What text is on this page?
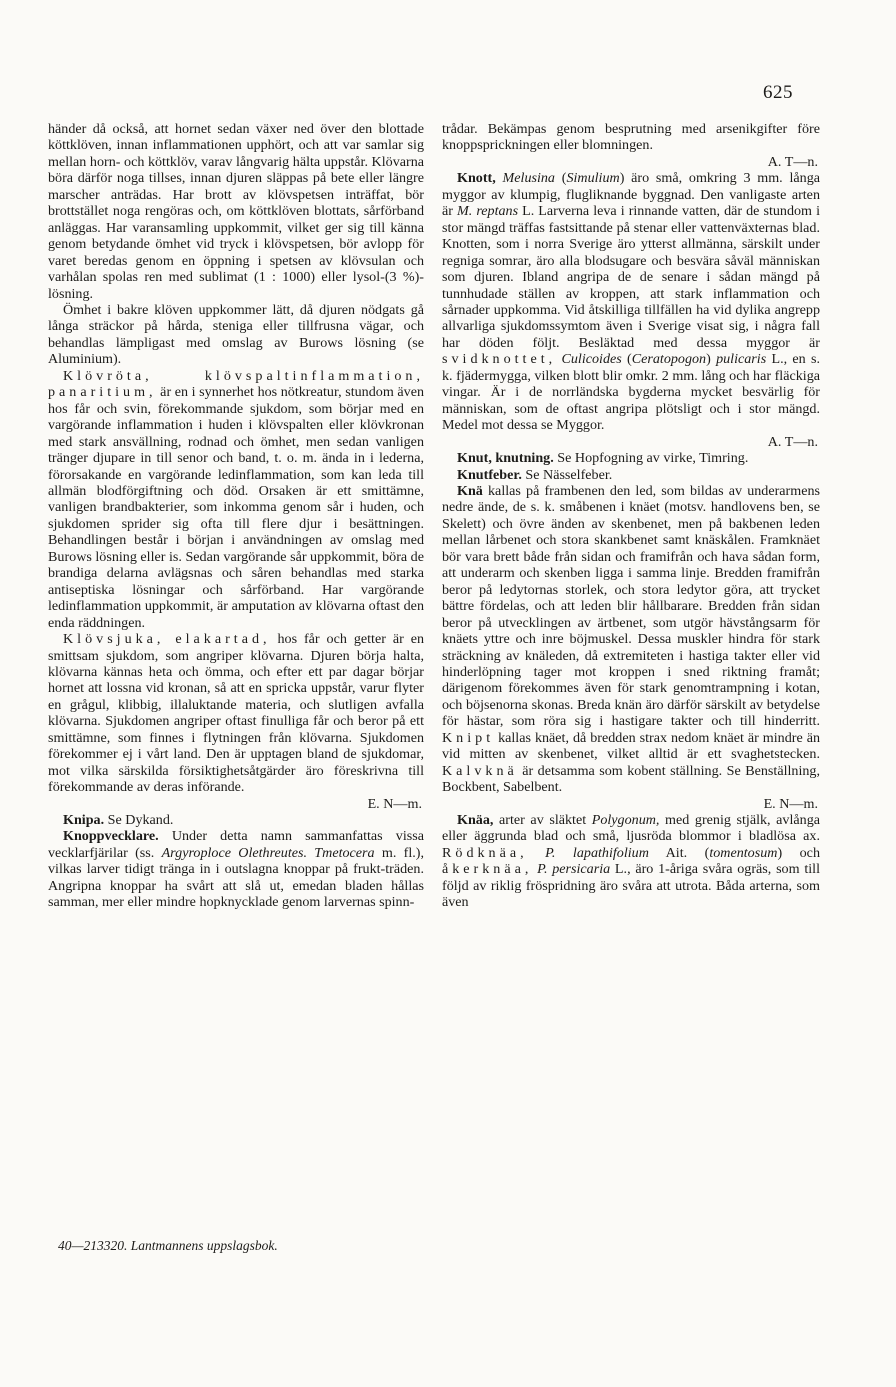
625

händer då också, att hornet sedan växer ned över den blottade köttklöven, innan inflammationen upphört, och att var samlar sig mellan horn- och köttklöv, varav långvarig hälta uppstår. Klövarna böra därför noga tillses, innan djuren släppas på bete eller längre marscher anträdas. Har brott av klövspetsen inträffat, bör brottstället noga rengöras och, om köttklöven blottats, sårförband anläggas. Har varansamling uppkommit, vilket ger sig till känna genom betydande ömhet vid tryck i klövspetsen, bör avlopp för varet beredas genom en öppning i spetsen av klövsulan och varhålan spolas ren med sublimat (1 : 1000) eller lysol-(3 %)-lösning.

Ömhet i bakre klöven uppkommer lätt, då djuren nödgats gå långa sträckor på hårda, steniga eller tillfrusna vägar, och behandlas lämpligast med omslag av Burows lösning (se Aluminium).

Klövröta, klövspaltinflammation, panaritium, är en i synnerhet hos nötkreatur, stundom även hos får och svin, förekommande sjukdom, som börjar med en vargörande inflammation i huden i klövspalten eller klövkronan med stark ansvällning, rodnad och ömhet, men sedan vanligen tränger djupare in till senor och band, t. o. m. ända in i lederna, förorsakande en vargörande ledinflammation, som kan leda till allmän blodförgiftning och död. Orsaken är ett smittämne, vanligen brandbakterier, som inkomma genom sår i huden, och sjukdomen sprider sig ofta till flere djur i besättningen. Behandlingen består i början i användningen av omslag med Burows lösning eller is. Sedan vargörande sår uppkommit, böra de brandiga delarna avlägsnas och såren behandlas med starka antiseptiska lösningar och sårförband. Har vargörande ledinflammation uppkommit, är amputation av klövarna oftast den enda räddningen.

Klövsjuka, elakartad, hos får och getter är en smittsam sjukdom, som angriper klövarna. Djuren börja halta, klövarna kännas heta och ömma, och efter ett par dagar börjar hornet att lossna vid kronan, så att en spricka uppstår, varur flyter en grågul, klibbig, illaluktande materia, och slutligen avfalla klövarna. Sjukdomen angriper oftast finulliga får och beror på ett smittämne, som finnes i flytningen från klövarna. Sjukdomen förekommer ej i vårt land. Den är upptagen bland de sjukdomar, mot vilka särskilda försiktighetsåtgärder äro föreskrivna till förekommande av deras införande.
E. N—m.

Knipa. Se Dykand.

Knoppvecklare. Under detta namn sammanfattas vissa vecklarfjärilar (ss. Argyroploce Olethreutes. Tmetocera m. fl.), vilkas larver tidigt tränga in i outslagna knoppar på frukt-träden. Angripna knoppar ha svårt att slå ut, emedan bladen hållas samman, mer eller mindre hopknycklade genom larvernas spinn-

trådar. Bekämpas genom besprutning med arsenikgifter före knoppsprickningen eller blomningen.
A. T—n.

Knott, Melusina (Simulium) äro små, omkring 3 mm. långa myggor av klumpig, flugliknande byggnad. Den vanligaste arten är M. reptans L. Larverna leva i rinnande vatten, där de stundom i stor mängd träffas fastsittande på stenar eller vattenväxternas blad. Knotten, som i norra Sverige äro ytterst allmänna, särskilt under regniga somrar, äro alla blodsugare och besvära såväl människan som djuren. Ibland angripa de de senare i sådan mängd på tunnhudade ställen av kroppen, att stark inflammation och sårnader uppkomma. Vid åtskilliga tillfällen ha vid dylika angrepp allvarliga sjukdomssymtom även i Sverige visat sig, i några fall har döden följt. Besläktad med dessa myggor är svidknottet, Culicoides (Ceratopogon) pulicaris L., en s. k. fjädermygga, vilken blott blir omkr. 2 mm. lång och har fläckiga vingar. Är i de norrländska bygderna mycket besvärlig för människan, som de oftast angripa plötsligt och i stor mängd. Medel mot dessa se Myggor.
A. T—n.

Knut, knutning. Se Hopfogning av virke, Timring.

Knutfeber. Se Nässelfeber.

Knä kallas på frambenen den led, som bildas av underarmens nedre ände, de s. k. småbenen i knäet (motsv. handlovens ben, se Skelett) och övre änden av skenbenet, men på bakbenen leden mellan lårbenet och stora skankbenet samt knäskålen. Framknäet bör vara brett både från sidan och framifrån och hava sådan form, att underarm och skenben ligga i samma linje. Bredden framifrån beror på ledytornas storlek, och stora ledytor göra, att trycket bättre fördelas, och att leden blir hållbarare. Bredden från sidan beror på utvecklingen av ärtbenet, som utgör hävstångsarm för knäets yttre och inre böjmuskel. Dessa muskler hindra för stark sträckning av knäleden, då extremiteten i hastiga takter eller vid hinderlöpning tager mot kroppen i sned riktning framåt; därigenom förekommes även för stark genomtrampning i kotan, och böjsenorna skonas. Breda knän äro därför särskilt av betydelse för hästar, som röra sig i hastigare takter och till hinderritt. Knipt kallas knäet, då bredden strax nedom knäet är mindre än vid mitten av skenbenet, vilket alltid är ett svaghetstecken. Kalvknä är detsamma som kobent ställning. Se Benställning, Bockbent, Sabelbent.
E. N—m.

Knäa, arter av släktet Polygonum, med grenig stjälk, avlånga eller äggrunda blad och små, ljusröda blommor i bladlösa ax. Rödknäa, P. lapathifolium Ait. (tomentosum) och åkerknäa, P. persicaria L., äro 1-åriga svåra ogräs, som till följd av riklig fröspridning äro svåra att utrota. Båda arterna, som även

40—213320. Lantmannens uppslagsbok.
